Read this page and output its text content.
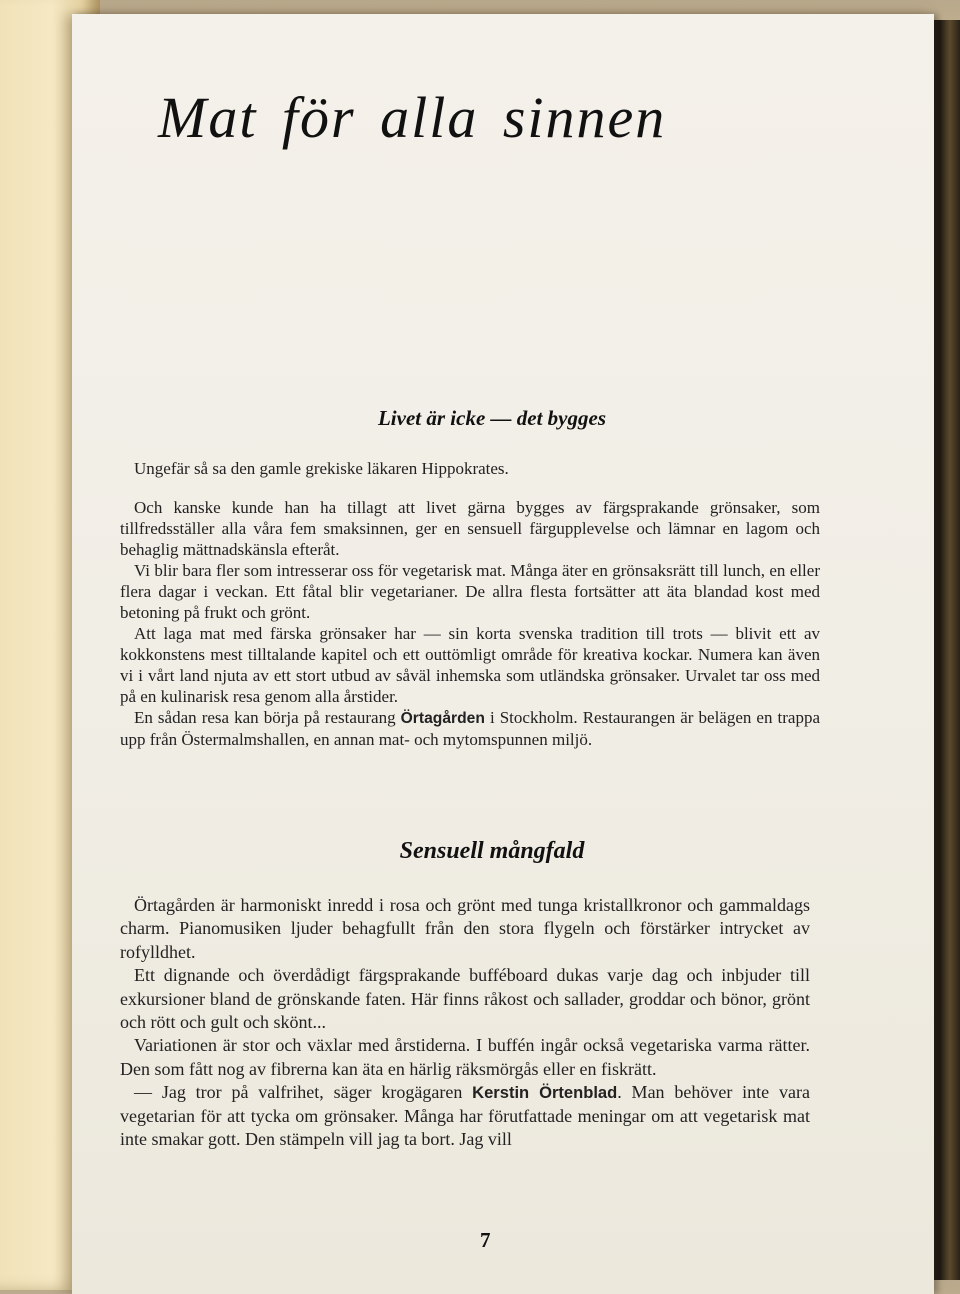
Mat för alla sinnen
Livet är icke — det bygges

Ungefär så sa den gamle grekiske läkaren Hippokrates.

Och kanske kunde han ha tillagt att livet gärna bygges av färgsprakande grönsaker, som tillfredsställer alla våra fem smaksinnen, ger en sensuell färgupplevelse och lämnar en lagom och behaglig mättnadskänsla efteråt.

Vi blir bara fler som intresserar oss för vegetarisk mat. Många äter en grönsaksrätt till lunch, en eller flera dagar i veckan. Ett fåtal blir vegetarianer. De allra flesta fortsätter att äta blandad kost med betoning på frukt och grönt.

Att laga mat med färska grönsaker har — sin korta svenska tradition till trots — blivit ett av kokkonstens mest tilltalande kapitel och ett outtömligt område för kreativa kockar. Numera kan även vi i vårt land njuta av ett stort utbud av såväl inhemska som utländska grönsaker. Urvalet tar oss med på en kulinarisk resa genom alla årstider.

En sådan resa kan börja på restaurang Örtagården i Stockholm. Restaurangen är belägen en trappa upp från Östermalmshallen, en annan mat- och mytomspunnen miljö.

Sensuell mångfald

Örtagården är harmoniskt inredd i rosa och grönt med tunga kristallkronor och gammaldags charm. Pianomusiken ljuder behagfullt från den stora flygeln och förstärker intrycket av rofylldhet.

Ett dignande och överdådigt färgsprakande bufféboard dukas varje dag och inbjuder till exkursioner bland de grönskande faten. Här finns råkost och sallader, groddar och bönor, grönt och rött och gult och skönt...

Variationen är stor och växlar med årstiderna. I buffén ingår också vegetariska varma rätter. Den som fått nog av fibrerna kan äta en härlig räksmörgås eller en fiskrätt.

— Jag tror på valfrihet, säger krogägaren Kerstin Örtenblad. Man behöver inte vara vegetarian för att tycka om grönsaker. Många har förutfattade meningar om att vegetarisk mat inte smakar gott. Den stämpeln vill jag ta bort. Jag vill

7
